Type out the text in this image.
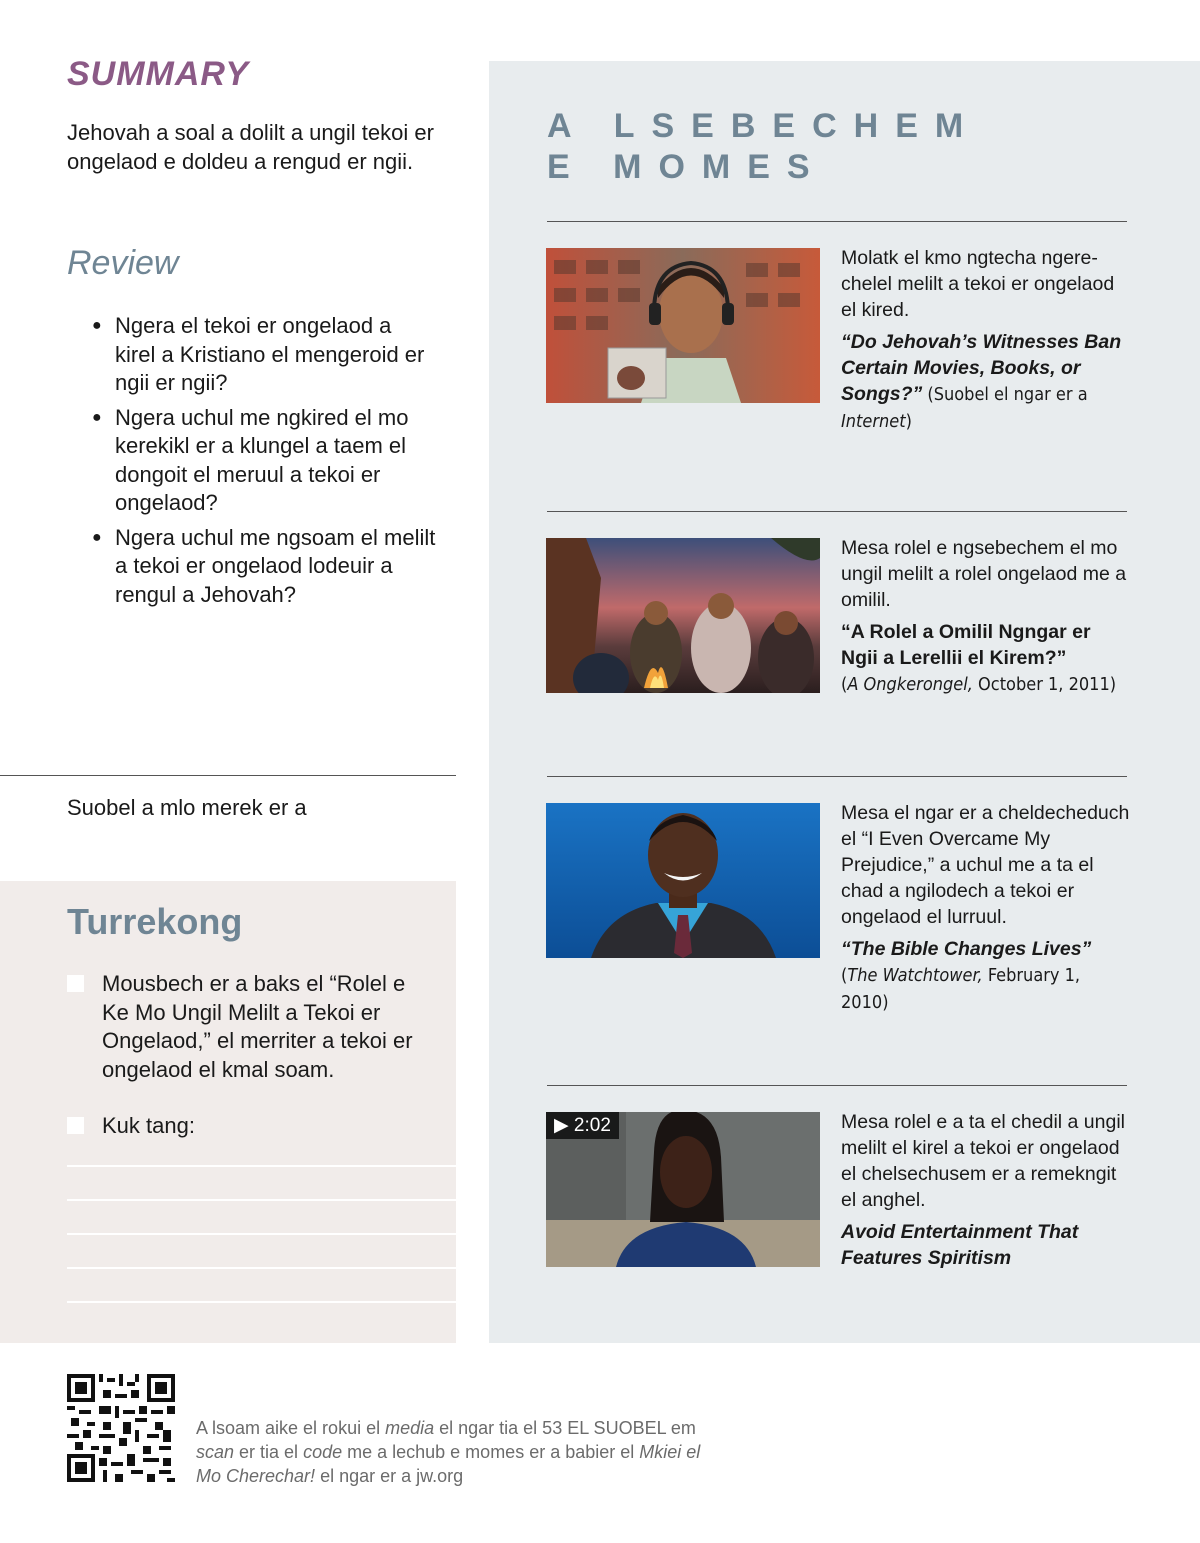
SUMMARY

Jehovah a soal a dolilt a ungil tekoi er ongelaod e doldeu a rengud er ngii.

Review
● Ngera el tekoi er ongelaod a kirel a Kristiano el mengeroid er ngii er ngii?
● Ngera uchul me ngkired el mo kerekikl er a klungel a taem el dongoit el meruul a tekoi er ongelaod?
● Ngera uchul me ngsoam el melilt a tekoi er ongelaod lodeuir a rengul a Jehovah?
Suobel a mlo merek er a
Turrekong
Mousbech er a baks el “Rolel e Ke Mo Ungil Melilt a Tekoi er Ongelaod,” el merriter a tekoi er ongelaod el kmal soam.
Kuk tang:
A LSEBECHEM
E MOMES
Molatk el kmo ngtecha ngerechelel melilt a tekoi er ongelaod el kired.
“Do Jehovah’s Witnesses Ban Certain Movies, Books, or Songs?” (Suobel el ngar er a Internet)
Mesa rolel e ngsebechem el mo ungil melilt a rolel ongelaod me a omilil.
“A Rolel a Omilil Ngngar er Ngii a Lerellii el Kirem?”
(A Ongkerongel, October 1, 2011)
Mesa el ngar er a cheldecheduch el “I Even Overcame My Prejudice,” a uchul me a ta el chad a ngilodech a tekoi er ongelaod el lurruul.
“The Bible Changes Lives”
(The Watchtower, February 1, 2010)
▶ 2:02	Mesa rolel e a ta el chedil a ungil melilt el kirel a tekoi er ongelaod el chelsechusem er a remekngit el anghel.
Avoid Entertainment That Features Spiritism
A lsoam aike el rokui el media el ngar tia el 53 EL SUOBEL em scan er tia el code me a lechub e momes er a babier el Mkiei el Mo Cherechar! el ngar er a jw.org
